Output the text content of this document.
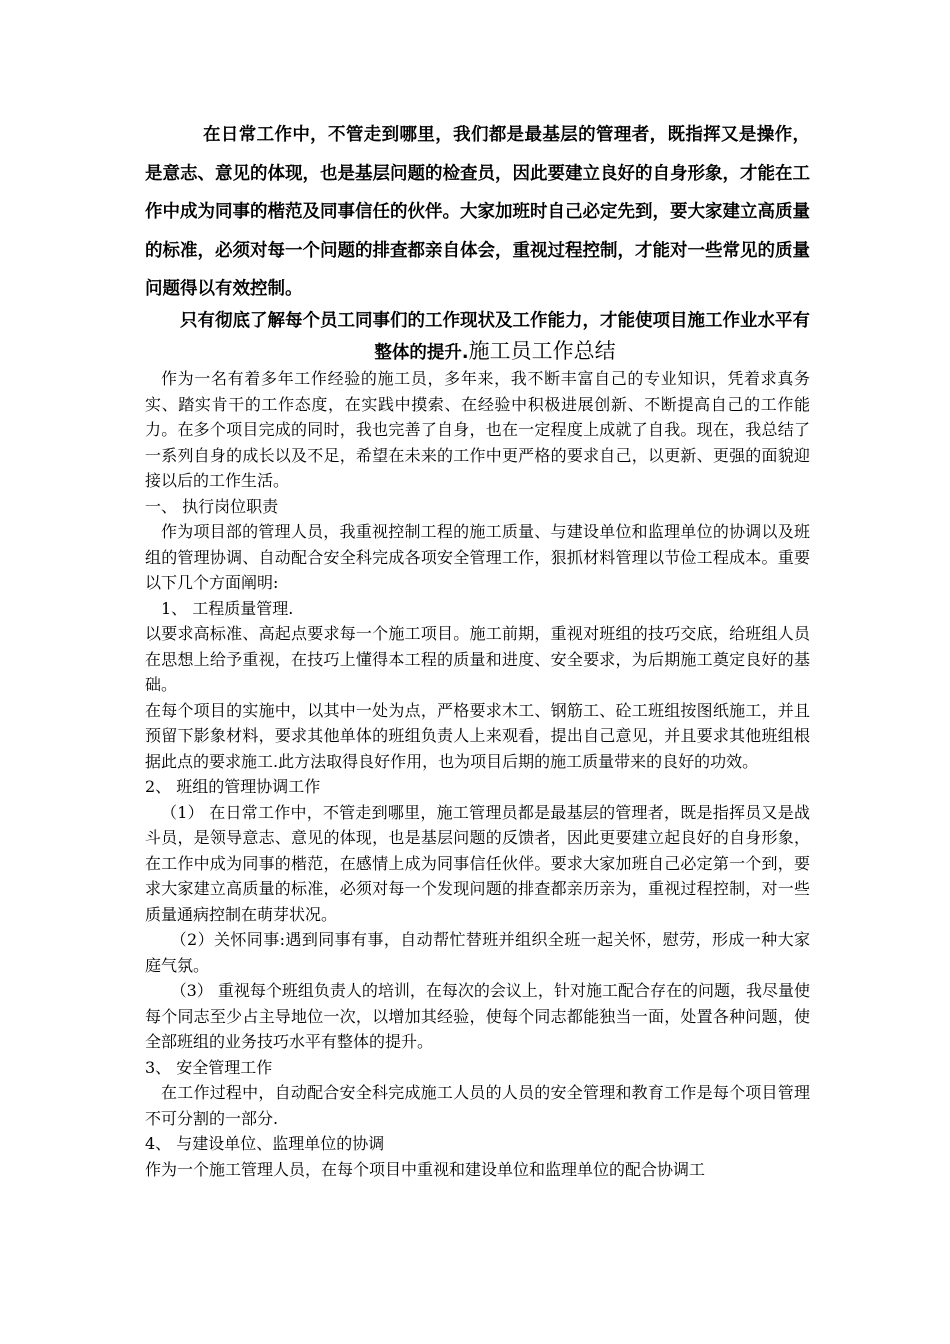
在日常工作中，不管走到哪里，我们都是最基层的管理者，既指挥又是操作，是意志、意见的体现，也是基层问题的检查员，因此要建立良好的自身形象，才能在工作中成为同事的楷范及同事信任的伙伴。大家加班时自己必定先到，要大家建立高质量的标准，必须对每一个问题的排查都亲自体会，重视过程控制，才能对一些常见的质量问题得以有效控制。

只有彻底了解每个员工同事们的工作现状及工作能力，才能使项目施工作业水平有整体的提升.施工员工作总结

作为一名有着多年工作经验的施工员，多年来，我不断丰富自己的专业知识，凭着求真务实、踏实肯干的工作态度，在实践中摸索、在经验中积极进展创新、不断提高自己的工作能力。在多个项目完成的同时，我也完善了自身，也在一定程度上成就了自我。现在，我总结了一系列自身的成长以及不足，希望在未来的工作中更严格的要求自己，以更新、更强的面貌迎接以后的工作生活。

一、 执行岗位职责

作为项目部的管理人员，我重视控制工程的施工质量、与建设单位和监理单位的协调以及班组的管理协调、自动配合安全科完成各项安全管理工作，狠抓材料管理以节俭工程成本。重要以下几个方面阐明:

1、 工程质量管理.

以要求高标准、高起点要求每一个施工项目。施工前期，重视对班组的技巧交底，给班组人员在思想上给予重视，在技巧上懂得本工程的质量和进度、安全要求，为后期施工奠定良好的基础。

在每个项目的实施中，以其中一处为点，严格要求木工、钢筋工、砼工班组按图纸施工，并且预留下影象材料，要求其他单体的班组负责人上来观看，提出自己意见，并且要求其他班组根据此点的要求施工.此方法取得良好作用，也为项目后期的施工质量带来的良好的功效。

2、 班组的管理协调工作

（1） 在日常工作中，不管走到哪里，施工管理员都是最基层的管理者，既是指挥员又是战斗员，是领导意志、意见的体现，也是基层问题的反馈者，因此更要建立起良好的自身形象，在工作中成为同事的楷范，在感情上成为同事信任伙伴。要求大家加班自己必定第一个到，要求大家建立高质量的标准，必须对每一个发现问题的排查都亲历亲为，重视过程控制，对一些质量通病控制在萌芽状况。

（2）关怀同事:遇到同事有事，自动帮忙替班并组织全班一起关怀，慰劳，形成一种大家庭气氛。

（3） 重视每个班组负责人的培训，在每次的会议上，针对施工配合存在的问题，我尽量使每个同志至少占主导地位一次，以增加其经验，使每个同志都能独当一面，处置各种问题，使全部班组的业务技巧水平有整体的提升。

3、 安全管理工作

在工作过程中，自动配合安全科完成施工人员的人员的安全管理和教育工作是每个项目管理不可分割的一部分.

4、 与建设单位、监理单位的协调

作为一个施工管理人员，在每个项目中重视和建设单位和监理单位的配合协调工
